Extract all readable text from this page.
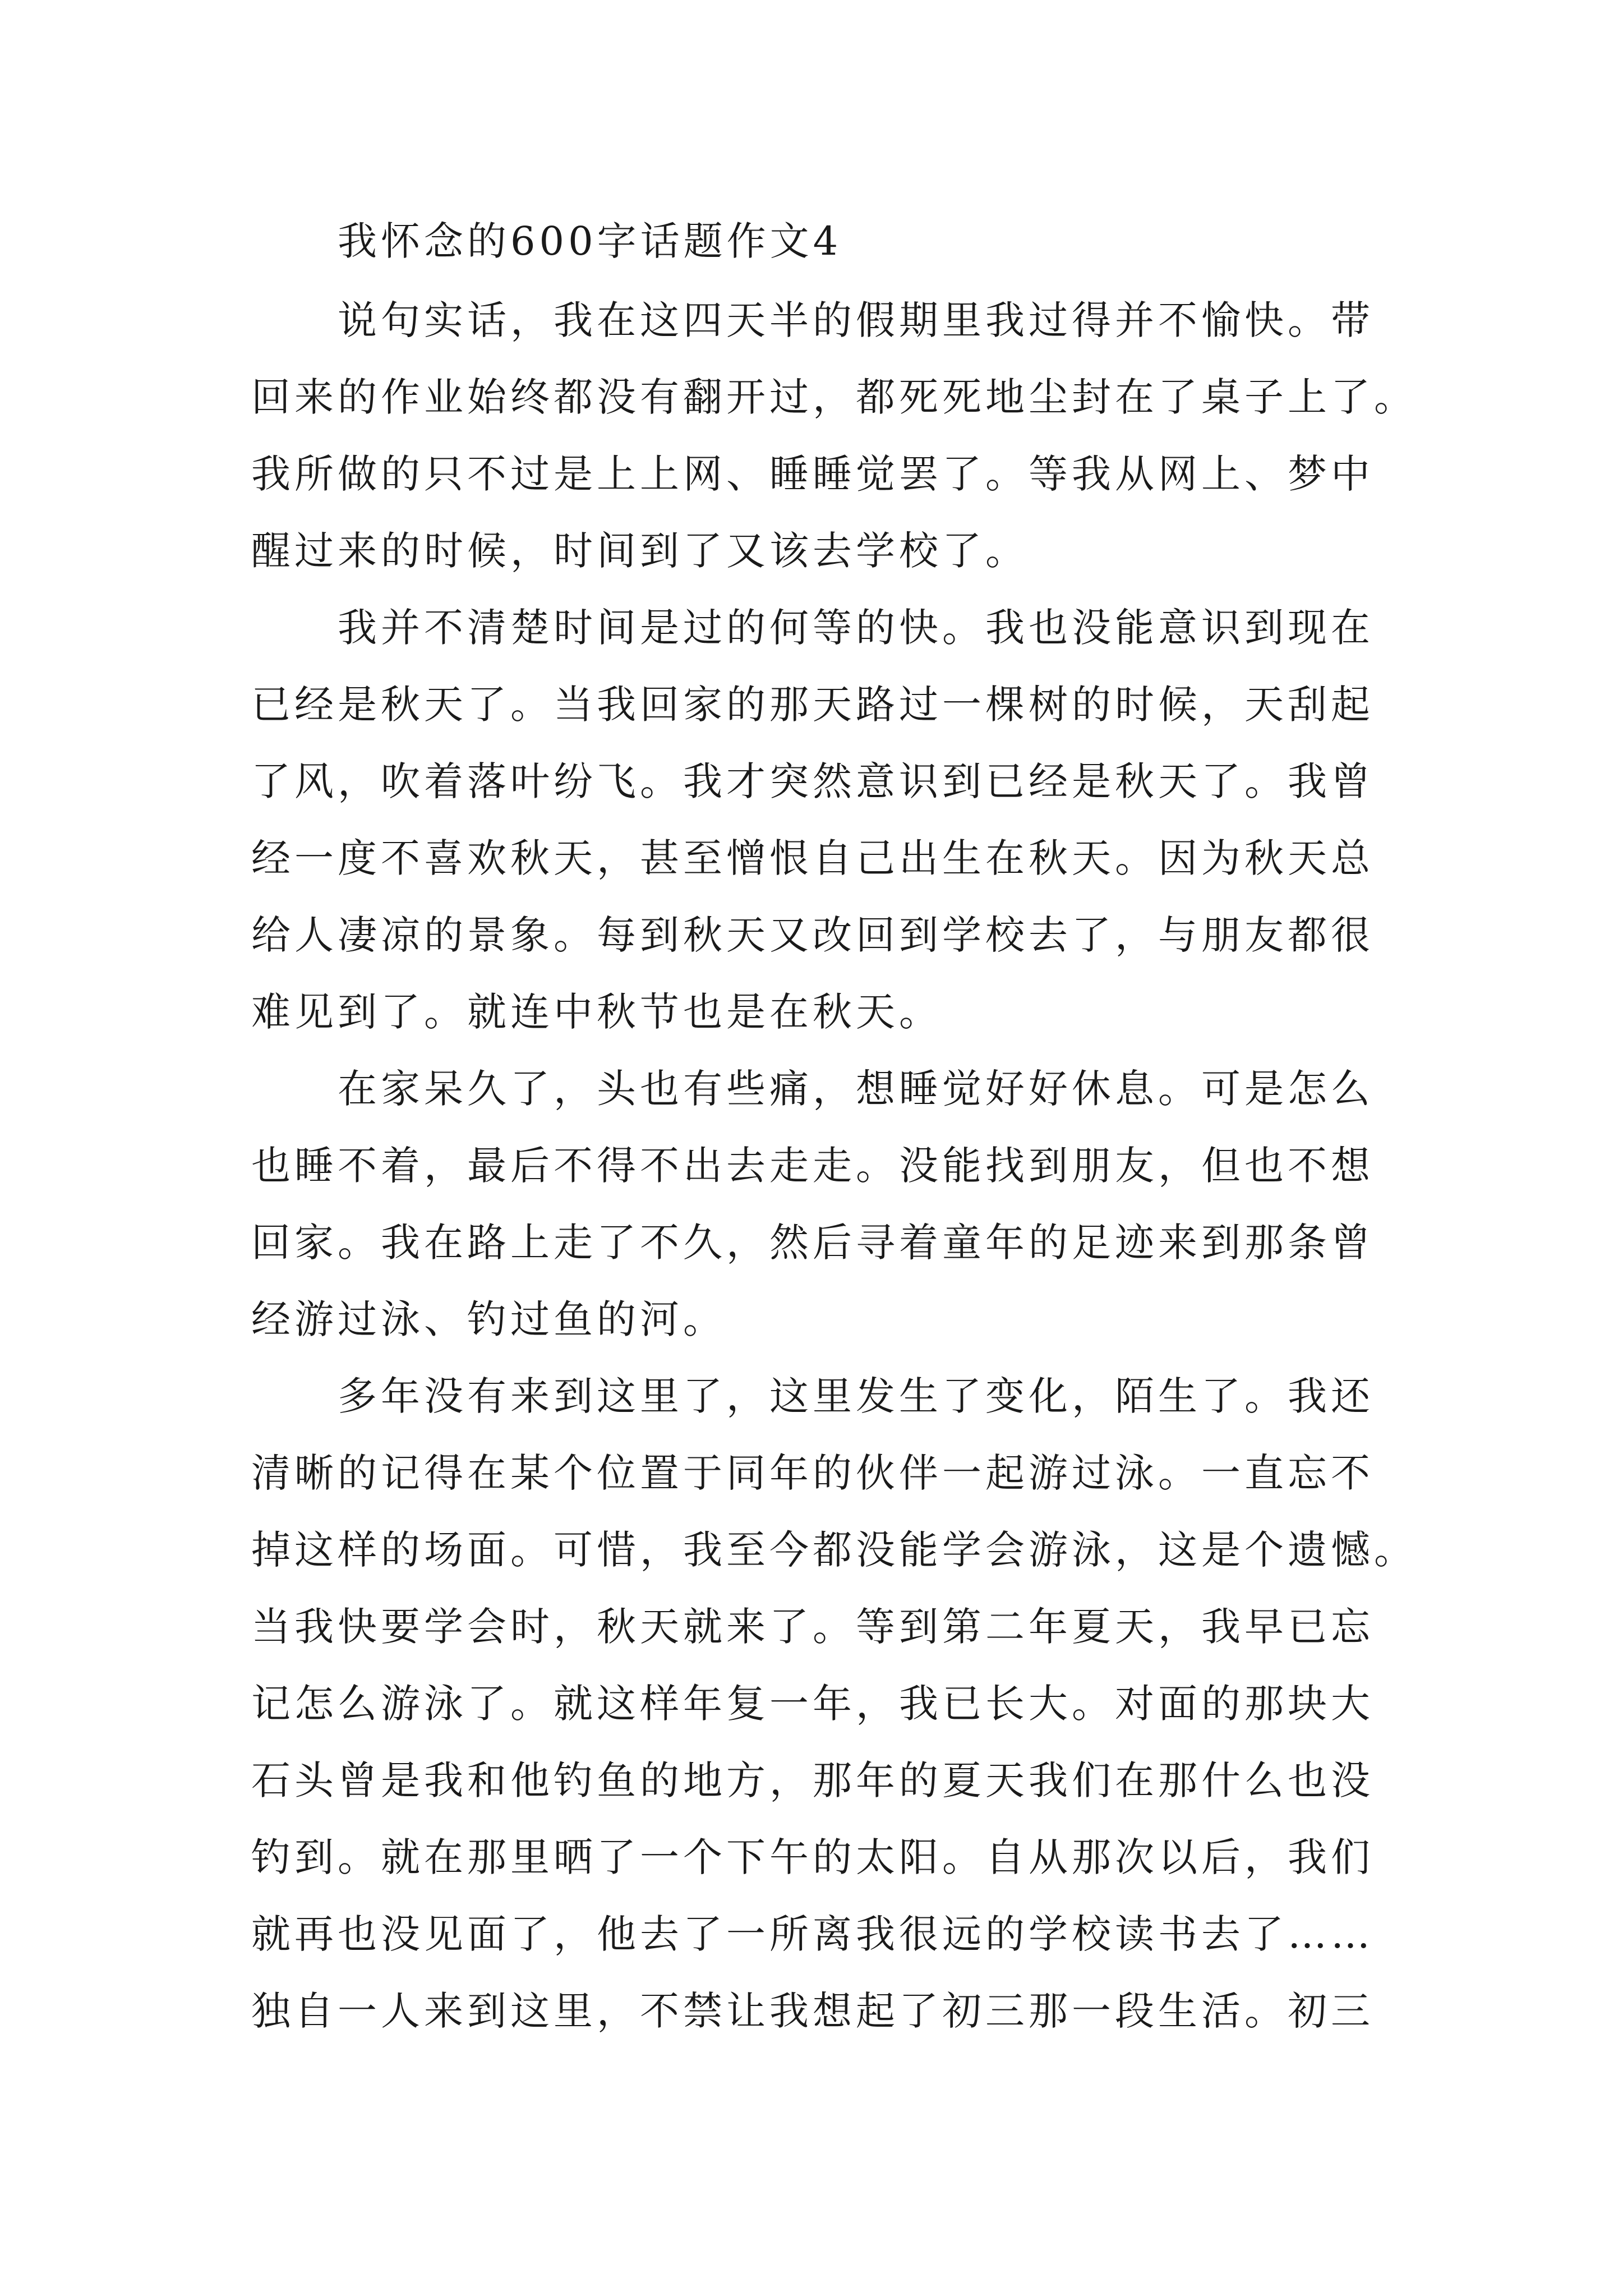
我怀念的600字话题作文4
说句实话，我在这四天半的假期里我过得并不愉快。带
回来的作业始终都没有翻开过，都死死地尘封在了桌子上了。
我所做的只不过是上上网、睡睡觉罢了。等我从网上、梦中
醒过来的时候，时间到了又该去学校了。
我并不清楚时间是过的何等的快。我也没能意识到现在
已经是秋天了。当我回家的那天路过一棵树的时候，天刮起
了风，吹着落叶纷飞。我才突然意识到已经是秋天了。我曾
经一度不喜欢秋天，甚至憎恨自己出生在秋天。因为秋天总
给人凄凉的景象。每到秋天又改回到学校去了，与朋友都很
难见到了。就连中秋节也是在秋天。
在家呆久了，头也有些痛，想睡觉好好休息。可是怎么
也睡不着，最后不得不出去走走。没能找到朋友，但也不想
回家。我在路上走了不久，然后寻着童年的足迹来到那条曾
经游过泳、钓过鱼的河。
多年没有来到这里了，这里发生了变化，陌生了。我还
清晰的记得在某个位置于同年的伙伴一起游过泳。一直忘不
掉这样的场面。可惜，我至今都没能学会游泳，这是个遗憾。
当我快要学会时，秋天就来了。等到第二年夏天，我早已忘
记怎么游泳了。就这样年复一年，我已长大。对面的那块大
石头曾是我和他钓鱼的地方，那年的夏天我们在那什么也没
钓到。就在那里晒了一个下午的太阳。自从那次以后，我们
就再也没见面了，他去了一所离我很远的学校读书去了……
独自一人来到这里，不禁让我想起了初三那一段生活。初三
